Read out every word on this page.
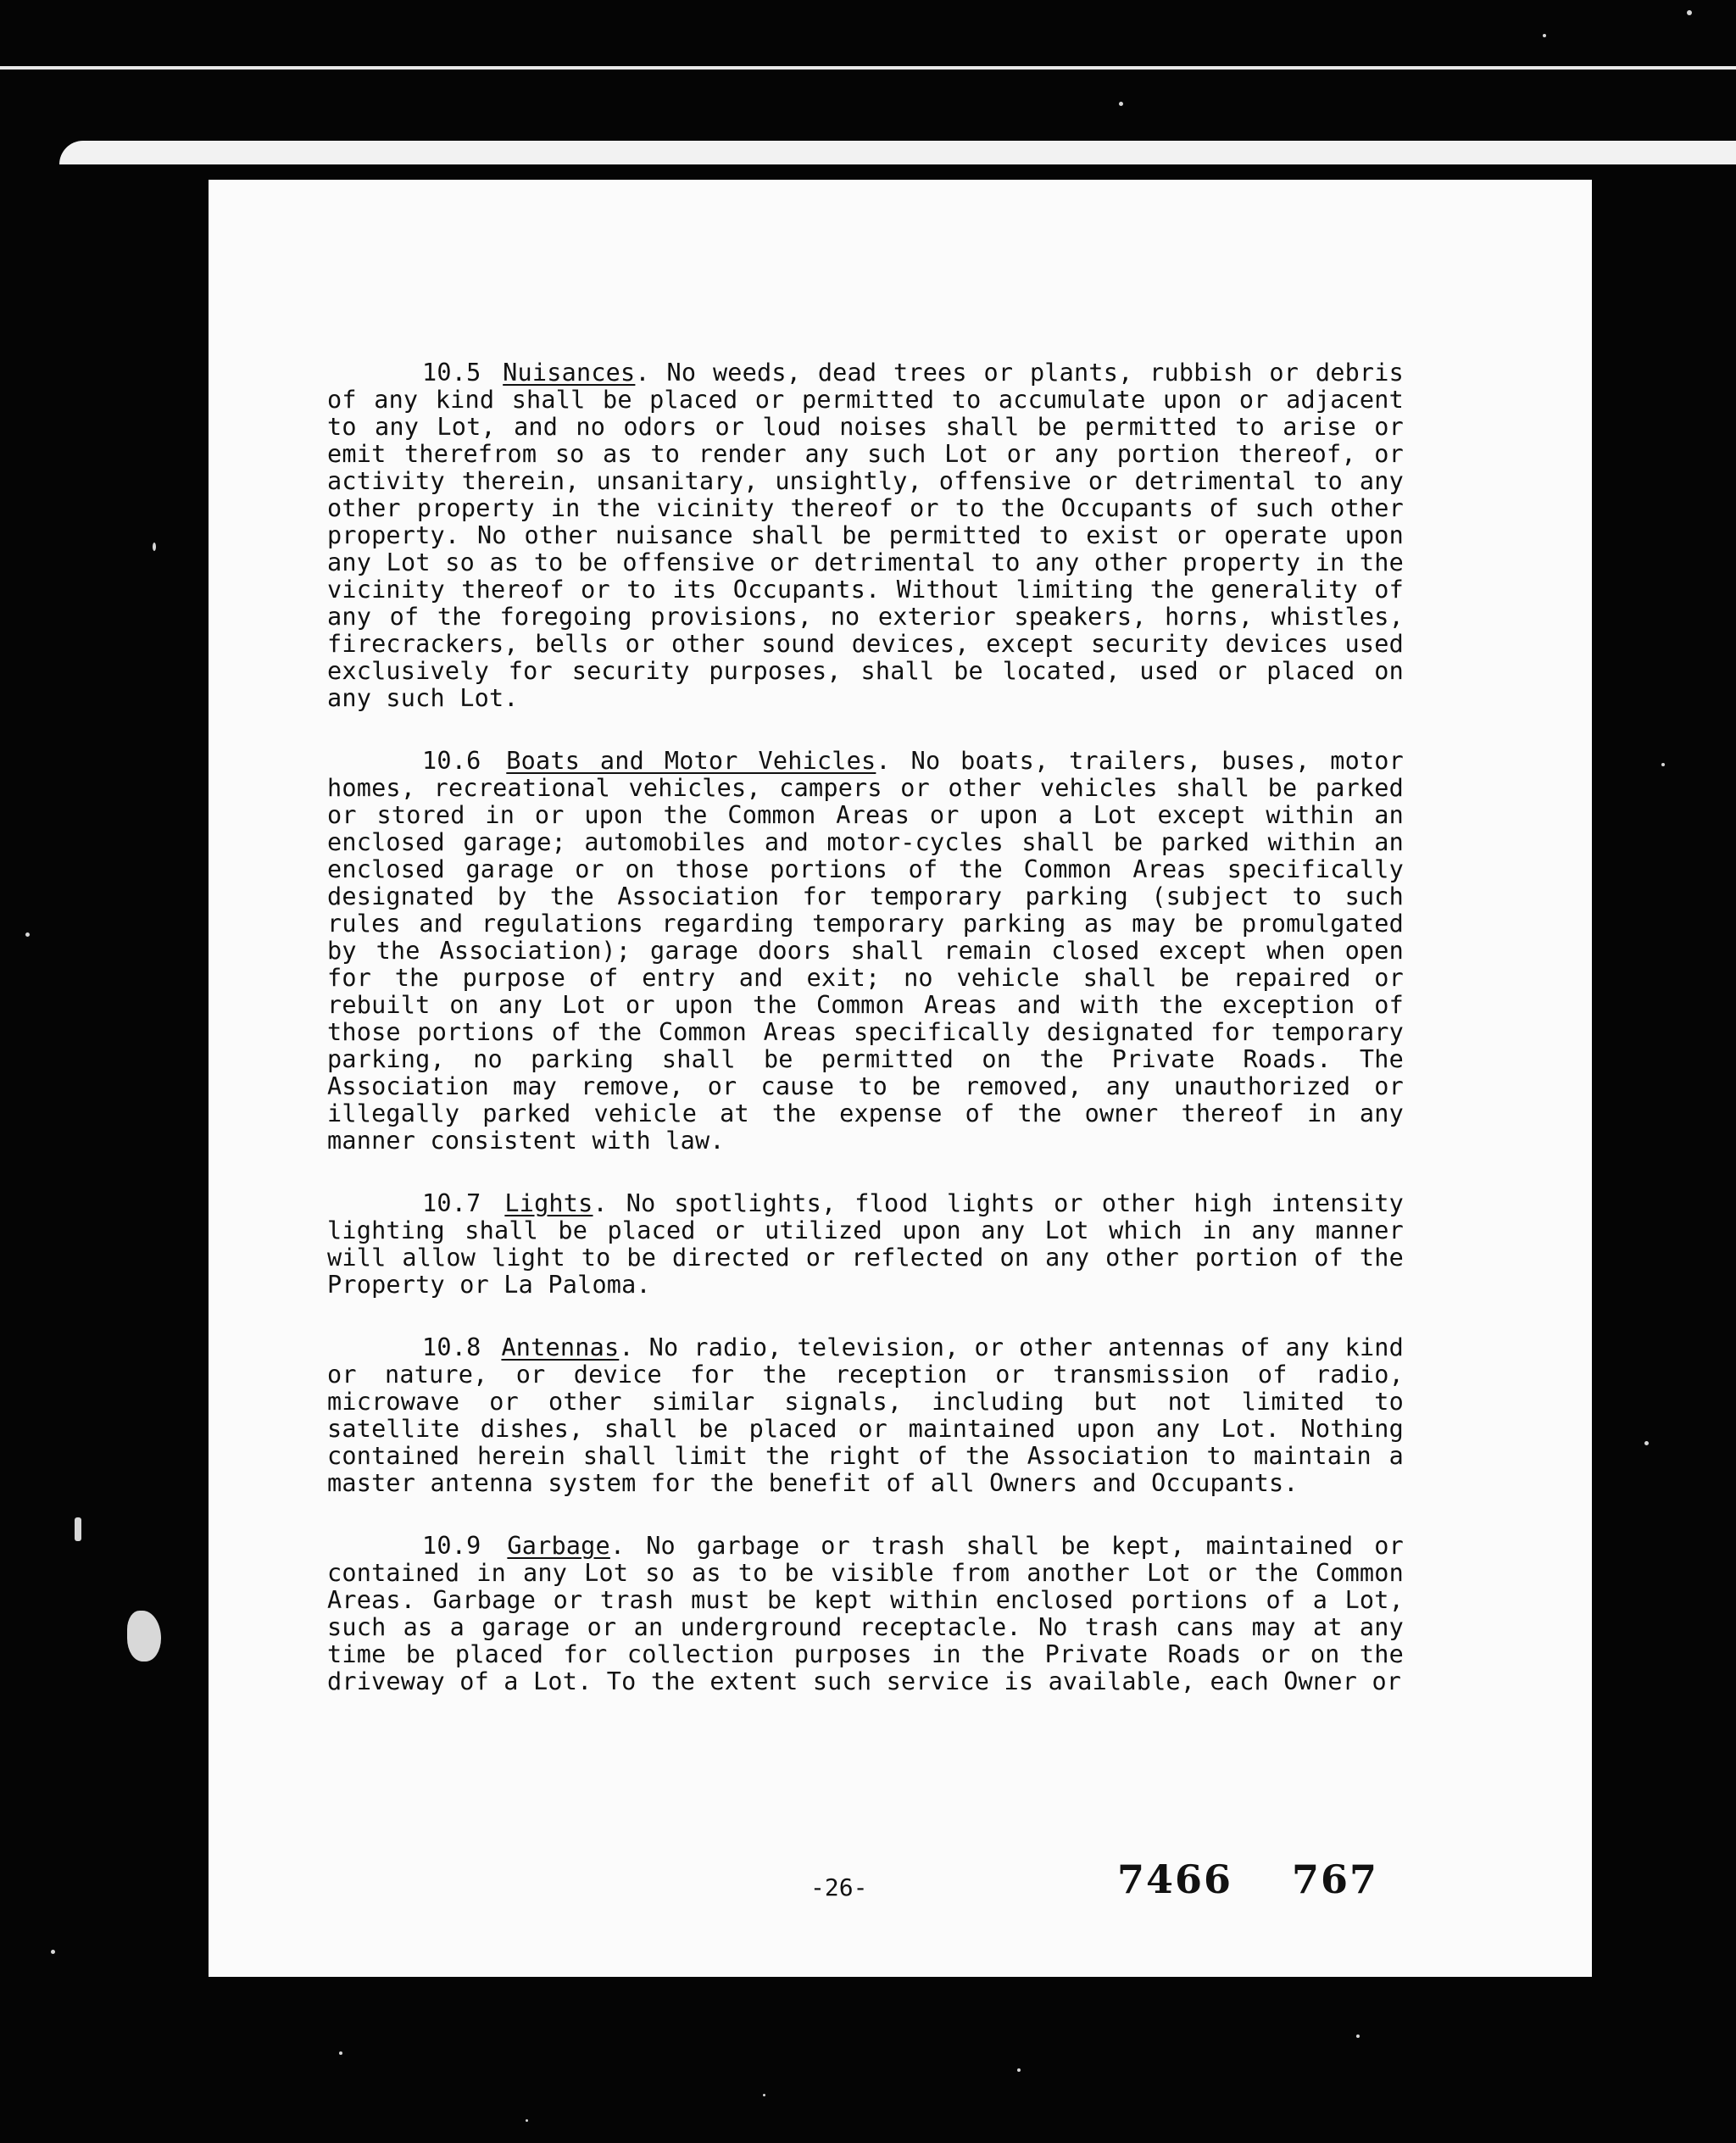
10.5 Nuisances. No weeds, dead trees or plants, rubbish or debris of any kind shall be placed or permitted to accumulate upon or adjacent to any Lot, and no odors or loud noises shall be permitted to arise or emit therefrom so as to render any such Lot or any portion thereof, or activity therein, unsanitary, unsightly, offensive or detrimental to any other property in the vicinity thereof or to the Occupants of such other property. No other nuisance shall be permitted to exist or operate upon any Lot so as to be offensive or detrimental to any other property in the vicinity thereof or to its Occupants. Without limiting the generality of any of the foregoing provisions, no exterior speakers, horns, whistles, firecrackers, bells or other sound devices, except security devices used exclusively for security purposes, shall be located, used or placed on any such Lot.

10.6 Boats and Motor Vehicles. No boats, trailers, buses, motor homes, recreational vehicles, campers or other vehicles shall be parked or stored in or upon the Common Areas or upon a Lot except within an enclosed garage; automobiles and motor-cycles shall be parked within an enclosed garage or on those portions of the Common Areas specifically designated by the Association for temporary parking (subject to such rules and regulations regarding temporary parking as may be promulgated by the Association); garage doors shall remain closed except when open for the purpose of entry and exit; no vehicle shall be repaired or rebuilt on any Lot or upon the Common Areas and with the exception of those portions of the Common Areas specifically designated for temporary parking, no parking shall be permitted on the Private Roads. The Association may remove, or cause to be removed, any unauthorized or illegally parked vehicle at the expense of the owner thereof in any manner consistent with law.

10.7 Lights. No spotlights, flood lights or other high intensity lighting shall be placed or utilized upon any Lot which in any manner will allow light to be directed or reflected on any other portion of the Property or La Paloma.

10.8 Antennas. No radio, television, or other antennas of any kind or nature, or device for the reception or transmission of radio, microwave or other similar signals, including but not limited to satellite dishes, shall be placed or maintained upon any Lot. Nothing contained herein shall limit the right of the Association to maintain a master antenna system for the benefit of all Owners and Occupants.

10.9 Garbage. No garbage or trash shall be kept, maintained or contained in any Lot so as to be visible from another Lot or the Common Areas. Garbage or trash must be kept within enclosed portions of a Lot, such as a garage or an underground receptacle. No trash cans may at any time be placed for collection purposes in the Private Roads or on the driveway of a Lot. To the extent such service is available, each Owner or

-26-	7466 767
